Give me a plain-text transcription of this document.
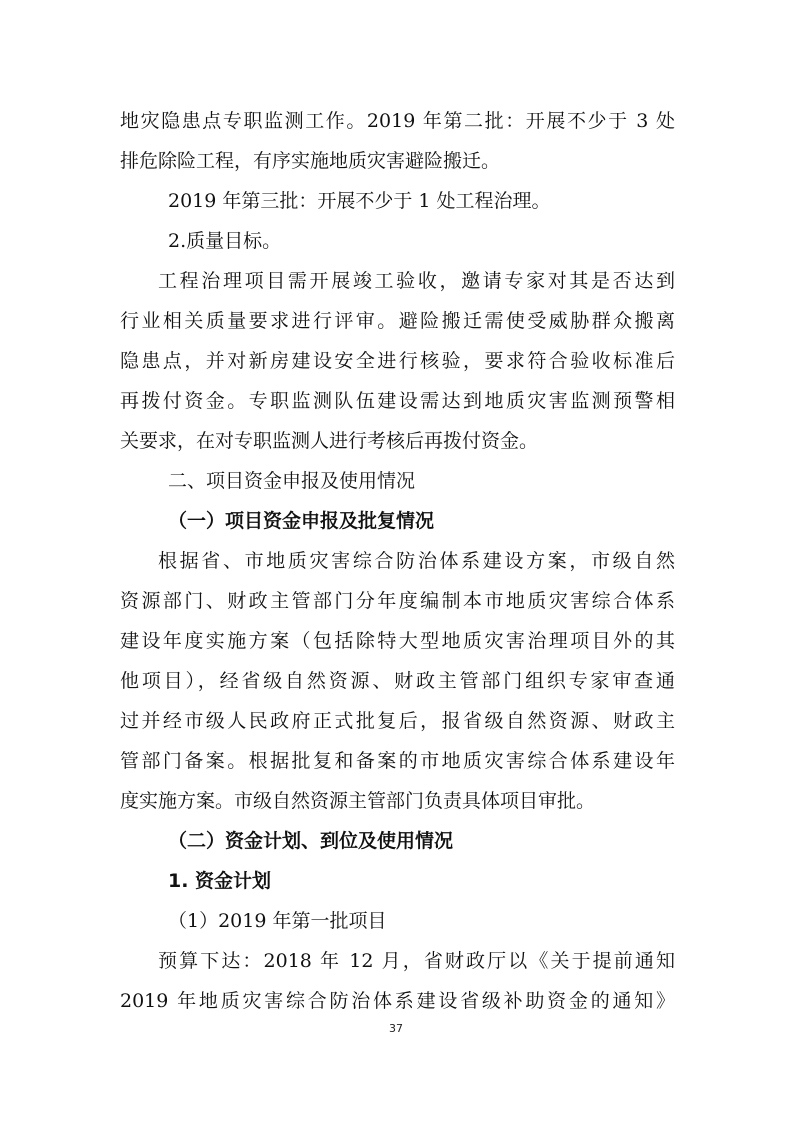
地灾隐患点专职监测工作。2019 年第二批：开展不少于 3 处

排危除险工程，有序实施地质灾害避险搬迁。

2019 年第三批：开展不少于 1 处工程治理。
2.质量目标。

工程治理项目需开展竣工验收，邀请专家对其是否达到

行业相关质量要求进行评审。避险搬迁需使受威胁群众搬离

隐患点，并对新房建设安全进行核验，要求符合验收标准后

再拨付资金。专职监测队伍建设需达到地质灾害监测预警相

关要求，在对专职监测人进行考核后再拨付资金。

二、项目资金申报及使用情况
（一）项目资金申报及批复情况

根据省、市地质灾害综合防治体系建设方案，市级自然

资源部门、财政主管部门分年度编制本市地质灾害综合体系

建设年度实施方案（包括除特大型地质灾害治理项目外的其

他项目），经省级自然资源、财政主管部门组织专家审查通

过并经市级人民政府正式批复后，报省级自然资源、财政主

管部门备案。根据批复和备案的市地质灾害综合体系建设年

度实施方案。市级自然资源主管部门负责具体项目审批。

（二）资金计划、到位及使用情况
1. 资金计划
（1）2019 年第一批项目

预算下达：2018 年 12 月，省财政厅以《关于提前通知

2019 年地质灾害综合防治体系建设省级补助资金的通知》

37
